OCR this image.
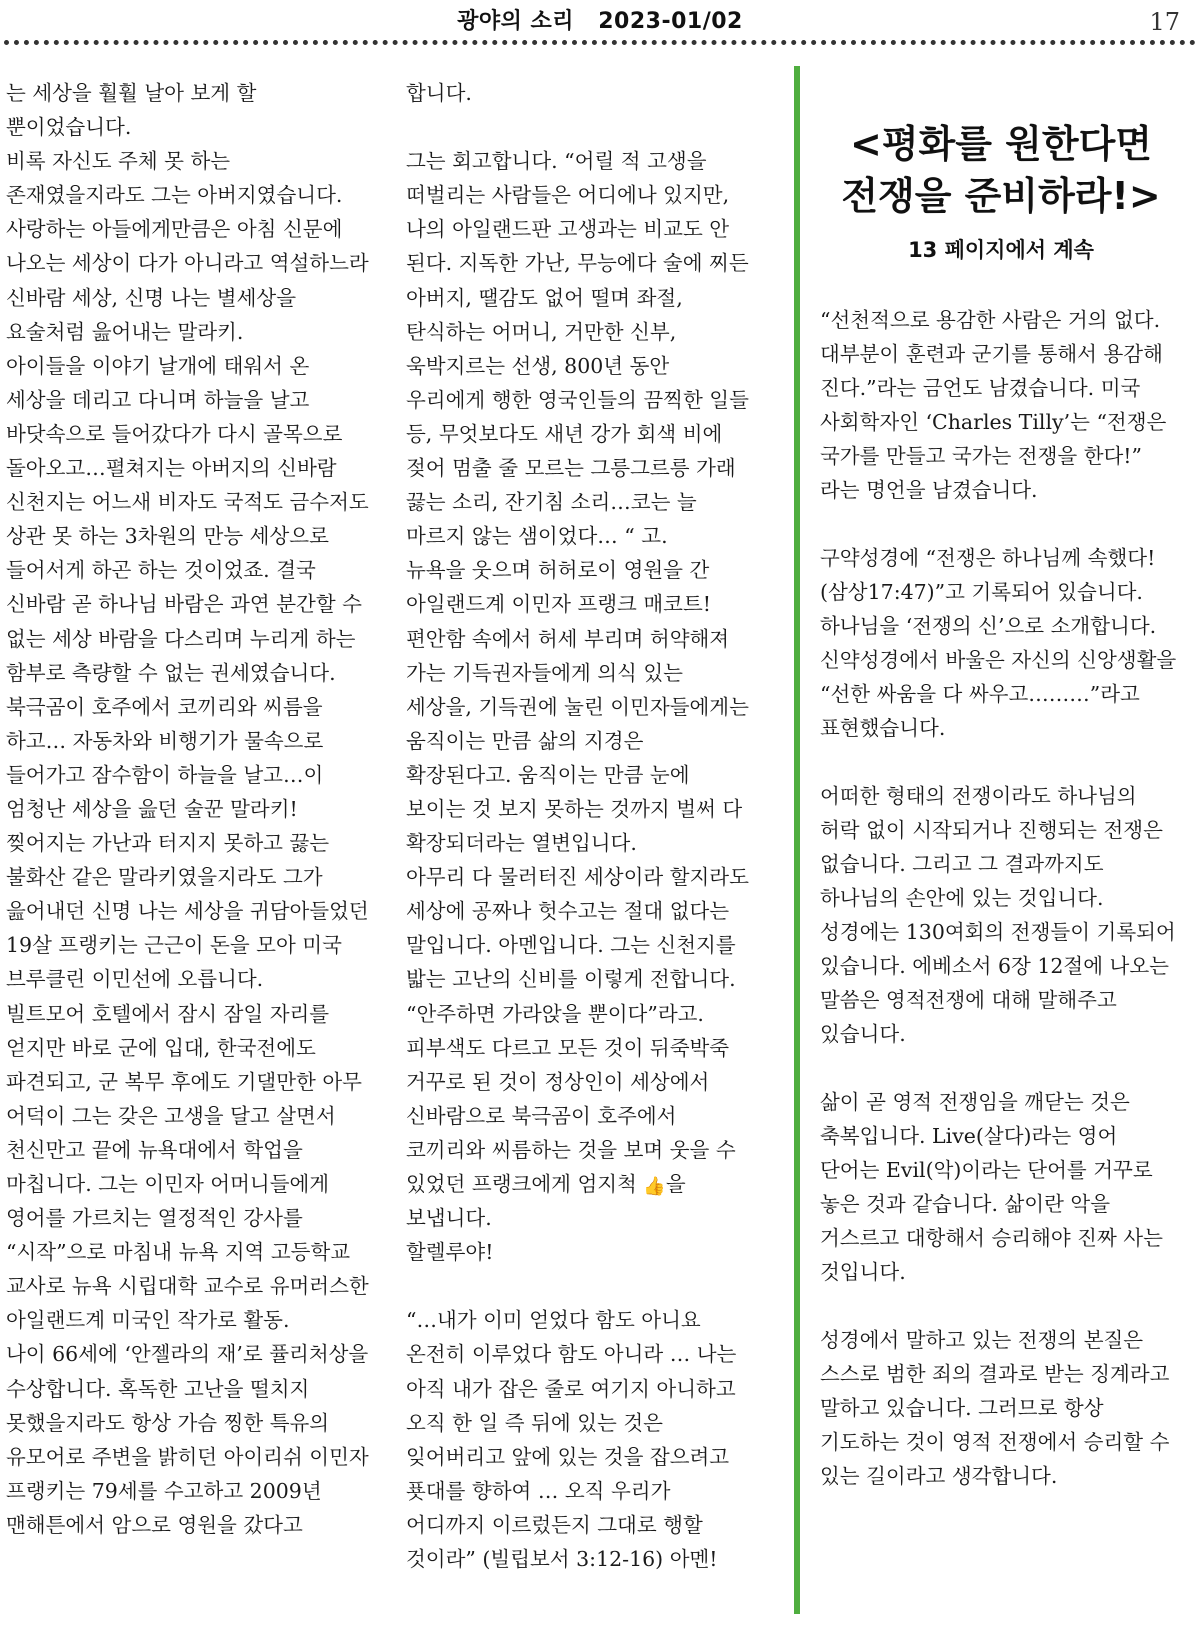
광야의 소리 2023-01/02	17

는 세상을 훨훨 날아 보게 할 뿐이었습니다.

비록 자신도 주체 못 하는 존재였을지라도 그는 아버지였습니다. 사랑하는 아들에게만큼은 아침 신문에 나오는 세상이 다가 아니라고 역설하느라 신바람 세상, 신명 나는 별세상을 요술처럼 읊어내는 말라키.

아이들을 이야기 날개에 태워서 온 세상을 데리고 다니며 하늘을 날고 바닷속으로 들어갔다가 다시 골목으로 돌아오고…펼쳐지는 아버지의 신바람 신천지는 어느새 비자도 국적도 금수저도 상관 못 하는 3차원의 만능 세상으로 들어서게 하곤 하는 것이었죠. 결국 신바람 곧 하나님 바람은 과연 분간할 수 없는 세상 바람을 다스리며 누리게 하는 함부로 측량할 수 없는 권세였습니다.

북극곰이 호주에서 코끼리와 씨름을 하고… 자동차와 비행기가 물속으로 들어가고 잠수함이 하늘을 날고…이 엄청난 세상을 읊던 술꾼 말라키! 찢어지는 가난과 터지지 못하고 끓는 불화산 같은 말라키였을지라도 그가 읊어내던 신명 나는 세상을 귀담아들었던 19살 프랭키는 근근이 돈을 모아 미국 브루클린 이민선에 오릅니다.

빌트모어 호텔에서 잠시 잠일 자리를 얻지만 바로 군에 입대, 한국전에도 파견되고, 군 복무 후에도 기댈만한 아무 어덕이 그는 갖은 고생을 달고 살면서 천신만고 끝에 뉴욕대에서 학업을 마칩니다. 그는 이민자 어머니들에게 영어를 가르치는 열정적인 강사를 “시작”으로 마침내 뉴욕 지역 고등학교 교사로 뉴욕 시립대학 교수로 유머러스한 아일랜드계 미국인 작가로 활동.

나이 66세에 ‘안젤라의 재’로 퓰리처상을 수상합니다. 혹독한 고난을 떨치지 못했을지라도 항상 가슴 찡한 특유의 유모어로 주변을 밝히던 아이리쉬 이민자 프랭키는 79세를 수고하고 2009년 맨해튼에서 암으로 영원을 갔다고

합니다.

그는 회고합니다. “어릴 적 고생을 떠벌리는 사람들은 어디에나 있지만, 나의 아일랜드판 고생과는 비교도 안 된다. 지독한 가난, 무능에다 술에 찌든 아버지, 땔감도 없어 떨며 좌절, 탄식하는 어머니, 거만한 신부, 욱박지르는 선생, 800년 동안 우리에게 행한 영국인들의 끔찍한 일들 등, 무엇보다도 새년 강가 회색 비에 젖어 멈출 줄 모르는 그릉그르릉 가래 끓는 소리, 잔기침 소리…코는 늘 마르지 않는 샘이었다… “ 고.

뉴욕을 웃으며 허허로이 영원을 간 아일랜드계 이민자 프랭크 매코트! 편안함 속에서 허세 부리며 허약해져 가는 기득권자들에게 의식 있는 세상을, 기득권에 눌린 이민자들에게는 움직이는 만큼 삶의 지경은 확장된다고. 움직이는 만큼 눈에 보이는 것 보지 못하는 것까지 벌써 다 확장되더라는 열변입니다.

아무리 다 물러터진 세상이라 할지라도 세상에 공짜나 헛수고는 절대 없다는 말입니다. 아멘입니다. 그는 신천지를 밟는 고난의 신비를 이렇게 전합니다. “안주하면 가라앉을 뿐이다”라고.

피부색도 다르고 모든 것이 뒤죽박죽 거꾸로 된 것이 정상인이 세상에서 신바람으로 북극곰이 호주에서 코끼리와 씨름하는 것을 보며 웃을 수 있었던 프랭크에게 엄지척 👍을 보냅니다.

할렐루야!

“…내가 이미 얻었다 함도 아니요 온전히 이루었다 함도 아니라 … 나는 아직 내가 잡은 줄로 여기지 아니하고 오직 한 일 즉 뒤에 있는 것은 잊어버리고 앞에 있는 것을 잡으려고 푯대를 향하여 … 오직 우리가 어디까지 이르렀든지 그대로 행할 것이라” (빌립보서 3:12-16) 아멘!

<평화를 원한다면
전쟁을 준비하라!>
13 페이지에서 계속

“선천적으로 용감한 사람은 거의 없다. 대부분이 훈련과 군기를 통해서 용감해 진다.”라는 금언도 남겼습니다. 미국 사회학자인 ‘Charles Tilly’는 “전쟁은 국가를 만들고 국가는 전쟁을 한다!” 라는 명언을 남겼습니다.

구약성경에 “전쟁은 하나님께 속했다!(삼상17:47)”고 기록되어 있습니다. 하나님을 ‘전쟁의 신’으로 소개합니다. 신약성경에서 바울은 자신의 신앙생활을 “선한 싸움을 다 싸우고………”라고 표현했습니다.

어떠한 형태의 전쟁이라도 하나님의 허락 없이 시작되거나 진행되는 전쟁은 없습니다. 그리고 그 결과까지도 하나님의 손안에 있는 것입니다. 성경에는 130여회의 전쟁들이 기록되어 있습니다. 에베소서 6장 12절에 나오는 말씀은 영적전쟁에 대해 말해주고 있습니다.

삶이 곧 영적 전쟁임을 깨닫는 것은 축복입니다. Live(살다)라는 영어 단어는 Evil(악)이라는 단어를 거꾸로 놓은 것과 같습니다. 삶이란 악을 거스르고 대항해서 승리해야 진짜 사는 것입니다.

성경에서 말하고 있는 전쟁의 본질은 스스로 범한 죄의 결과로 받는 징계라고 말하고 있습니다. 그러므로 항상 기도하는 것이 영적 전쟁에서 승리할 수 있는 길이라고 생각합니다.
